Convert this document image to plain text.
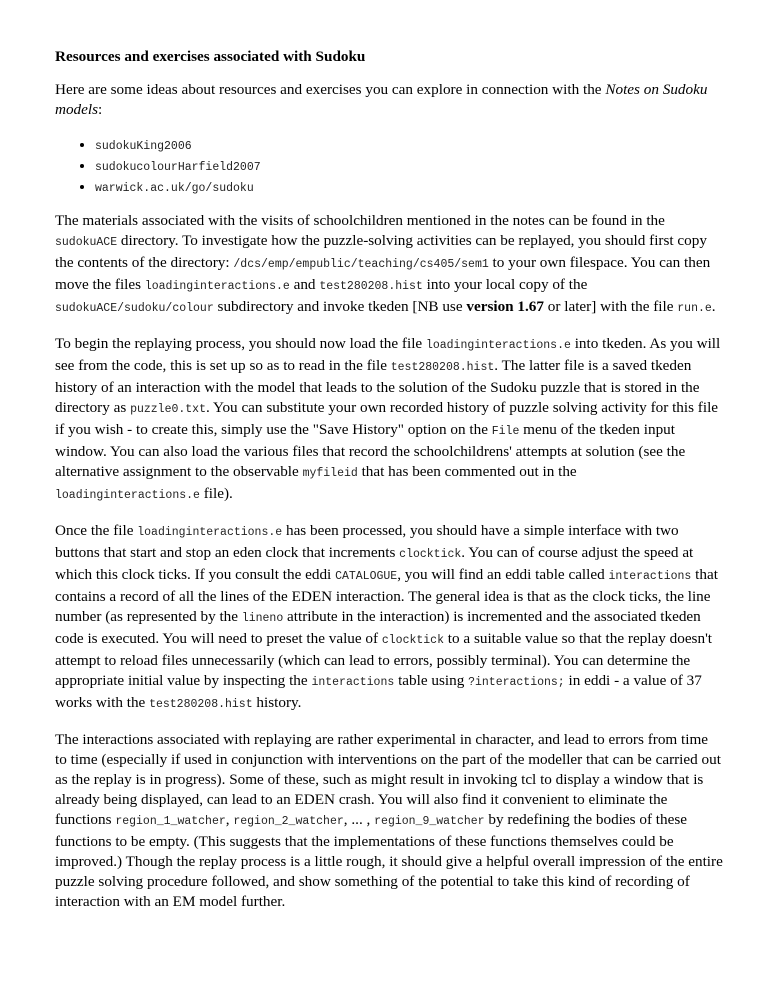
Resources and exercises associated with Sudoku

Here are some ideas about resources and exercises you can explore in connection with the Notes on Sudoku models:

• sudokuKing2006
• sudokucolourHarfield2007
• warwick.ac.uk/go/sudoku

The materials associated with the visits of schoolchildren mentioned in the notes can be found in the sudokuACE directory. To investigate how the puzzle-solving activities can be replayed, you should first copy the contents of the directory: /dcs/emp/empublic/teaching/cs405/sem1 to your own filespace. You can then move the files loadinginteractions.e and test280208.hist into your local copy of the sudokuACE/sudoku/colour subdirectory and invoke tkeden [NB use version 1.67 or later] with the file run.e.

To begin the replaying process, you should now load the file loadinginteractions.e into tkeden. As you will see from the code, this is set up so as to read in the file test280208.hist. The latter file is a saved tkeden history of an interaction with the model that leads to the solution of the Sudoku puzzle that is stored in the directory as puzzle0.txt. You can substitute your own recorded history of puzzle solving activity for this file if you wish - to create this, simply use the "Save History" option on the File menu of the tkeden input window. You can also load the various files that record the schoolchildrens' attempts at solution (see the alternative assignment to the observable myfileid that has been commented out in the loadinginteractions.e file).

Once the file loadinginteractions.e has been processed, you should have a simple interface with two buttons that start and stop an eden clock that increments clocktick. You can of course adjust the speed at which this clock ticks. If you consult the eddi CATALOGUE, you will find an eddi table called interactions that contains a record of all the lines of the EDEN interaction. The general idea is that as the clock ticks, the line number (as represented by the lineno attribute in the interaction) is incremented and the associated tkeden code is executed. You will need to preset the value of clocktick to a suitable value so that the replay doesn't attempt to reload files unnecessarily (which can lead to errors, possibly terminal). You can determine the appropriate initial value by inspecting the interactions table using ?interactions; in eddi - a value of 37 works with the test280208.hist history.

The interactions associated with replaying are rather experimental in character, and lead to errors from time to time (especially if used in conjunction with interventions on the part of the modeller that can be carried out as the replay is in progress). Some of these, such as might result in invoking tcl to display a window that is already being displayed, can lead to an EDEN crash. You will also find it convenient to eliminate the functions region_1_watcher, region_2_watcher, ... , region_9_watcher by redefining the bodies of these functions to be empty. (This suggests that the implementations of these functions themselves could be improved.) Though the replay process is a little rough, it should give a helpful overall impression of the entire puzzle solving procedure followed, and show something of the potential to take this kind of recording of interaction with an EM model further.
